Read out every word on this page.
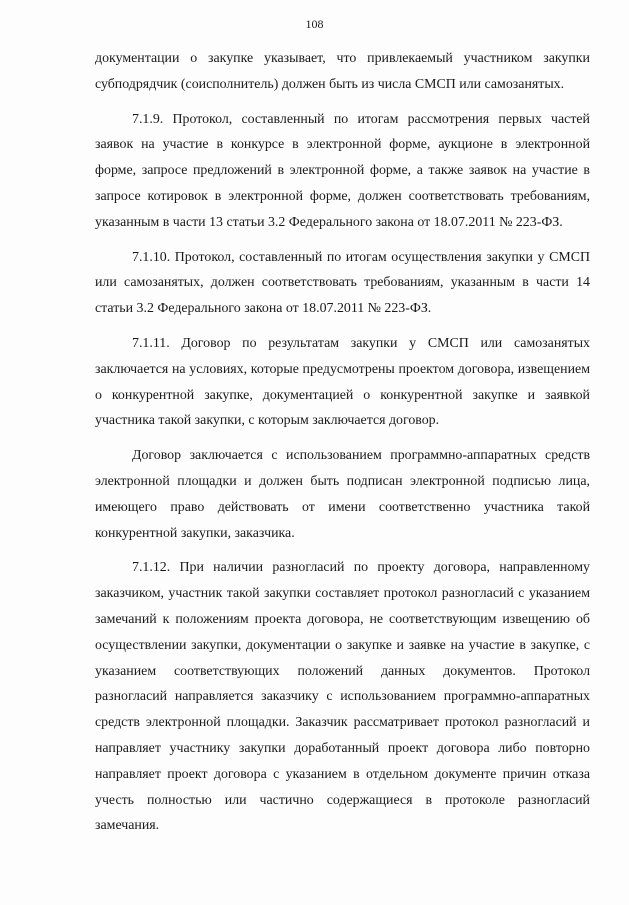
108

документации о закупке указывает, что привлекаемый участником закупки субподрядчик (соисполнитель) должен быть из числа СМСП или самозанятых.

7.1.9. Протокол, составленный по итогам рассмотрения первых частей заявок на участие в конкурсе в электронной форме, аукционе в электронной форме, запросе предложений в электронной форме, а также заявок на участие в запросе котировок в электронной форме, должен соответствовать требованиям, указанным в части 13 статьи 3.2 Федерального закона от 18.07.2011 № 223-ФЗ.

7.1.10. Протокол, составленный по итогам осуществления закупки у СМСП или самозанятых, должен соответствовать требованиям, указанным в части 14 статьи 3.2 Федерального закона от 18.07.2011 № 223-ФЗ.

7.1.11. Договор по результатам закупки у СМСП или самозанятых заключается на условиях, которые предусмотрены проектом договора, извещением о конкурентной закупке, документацией о конкурентной закупке и заявкой участника такой закупки, с которым заключается договор.

Договор заключается с использованием программно-аппаратных средств электронной площадки и должен быть подписан электронной подписью лица, имеющего право действовать от имени соответственно участника такой конкурентной закупки, заказчика.

7.1.12. При наличии разногласий по проекту договора, направленному заказчиком, участник такой закупки составляет протокол разногласий с указанием замечаний к положениям проекта договора, не соответствующим извещению об осуществлении закупки, документации о закупке и заявке на участие в закупке, с указанием соответствующих положений данных документов. Протокол разногласий направляется заказчику с использованием программно-аппаратных средств электронной площадки. Заказчик рассматривает протокол разногласий и направляет участнику закупки доработанный проект договора либо повторно направляет проект договора с указанием в отдельном документе причин отказа учесть полностью или частично содержащиеся в протоколе разногласий замечания.
